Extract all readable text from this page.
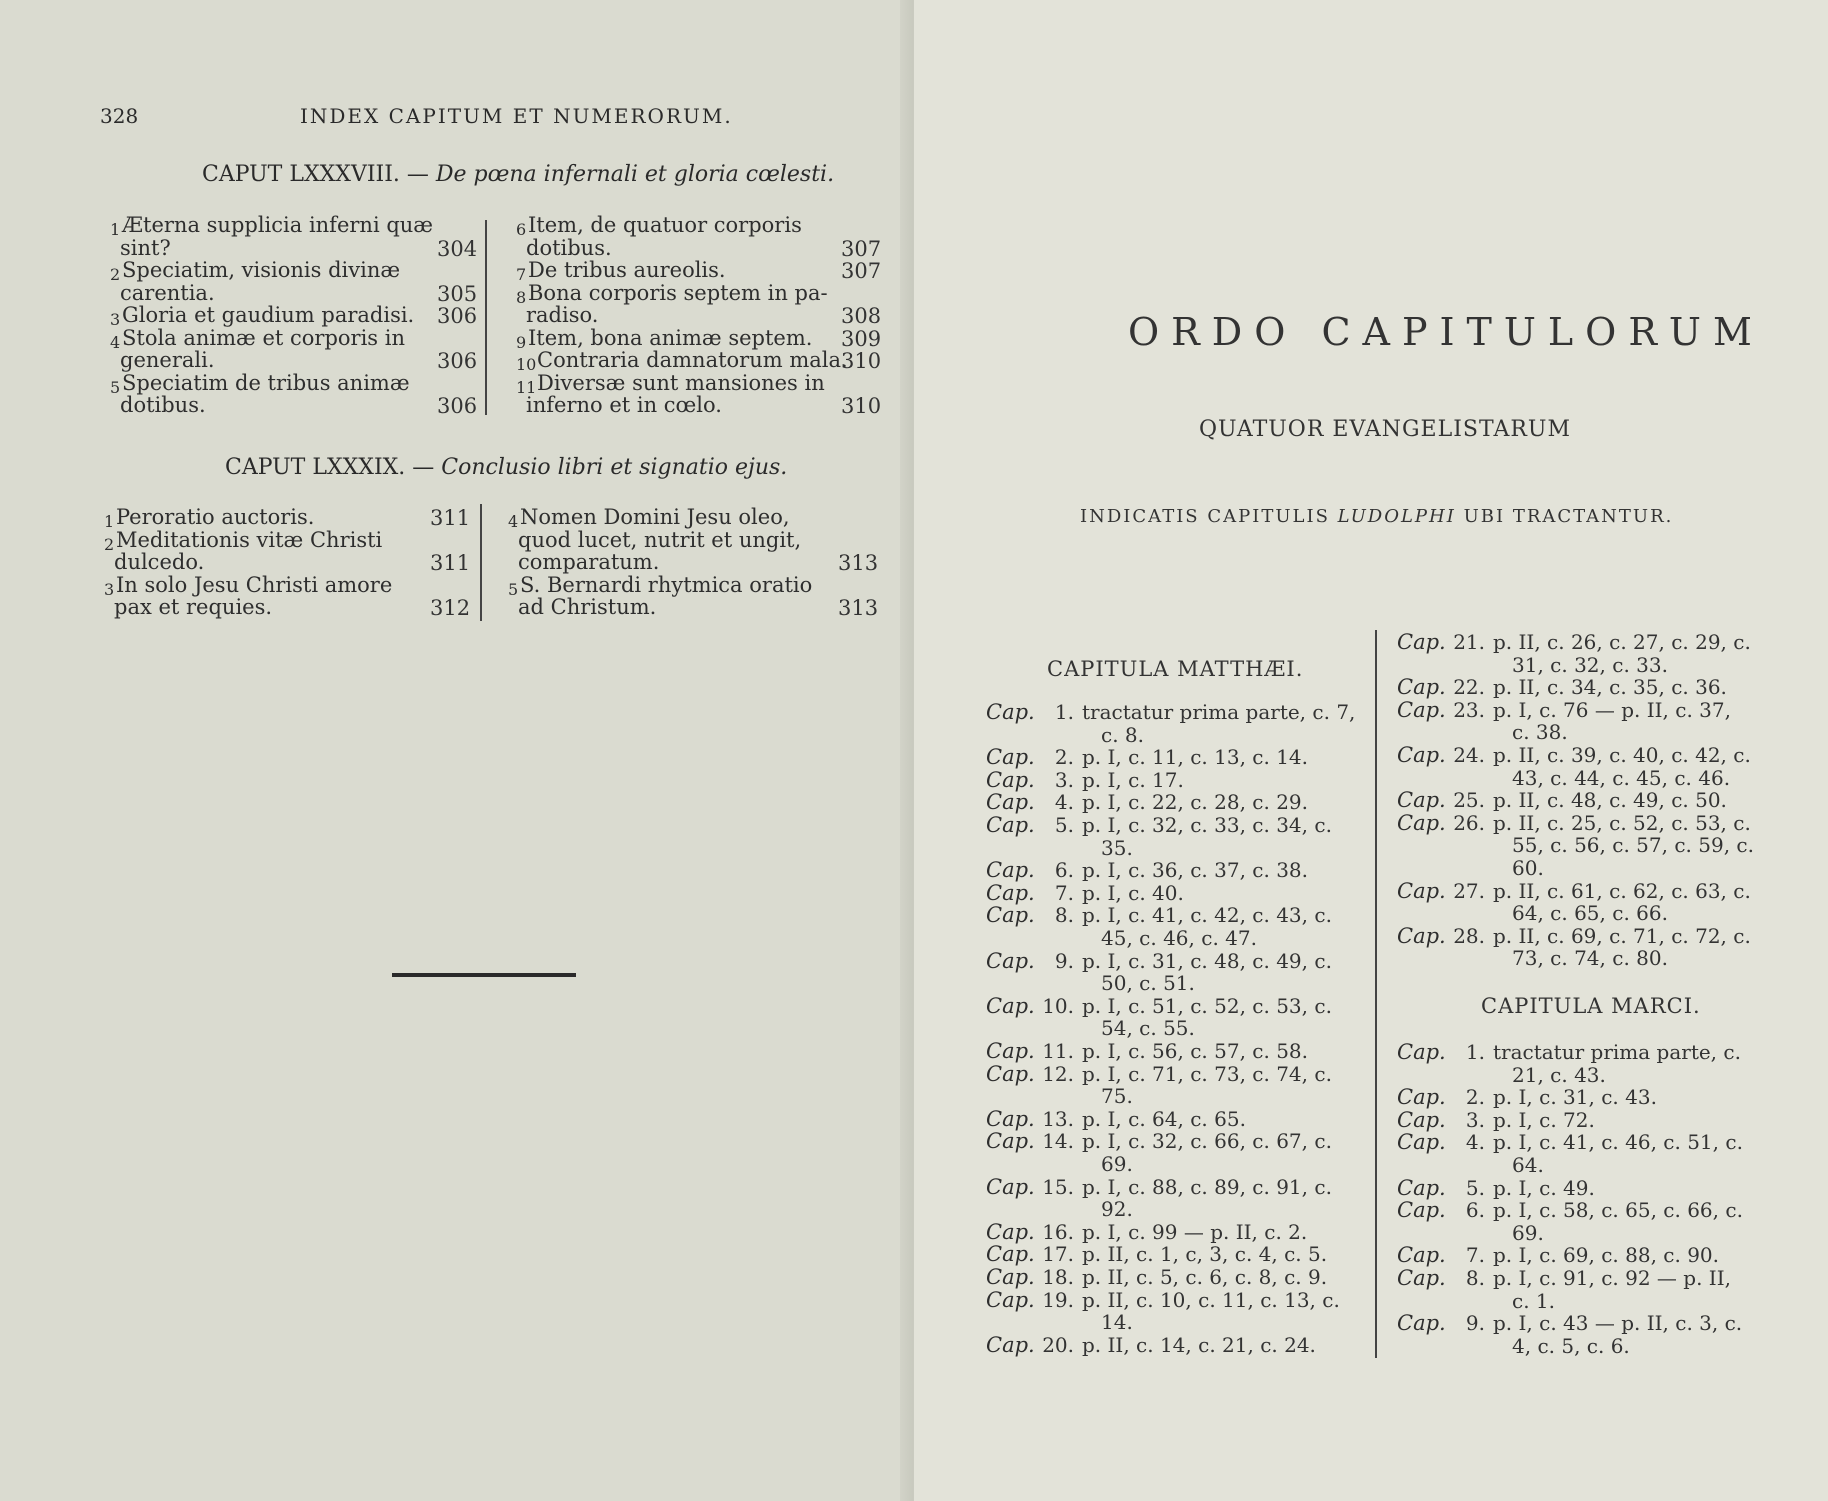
328	INDEX CAPITUM ET NUMERORUM.
CAPUT LXXXVIII. — De pœna infernali et gloria cœlesti.
1 Æterna supplicia inferni quæ
sint?	304
2 Speciatim, visionis divinæ
carentia.	305
3 Gloria et gaudium paradisi. 306
4 Stola animæ et corporis in
generali.	306
5 Speciatim de tribus animæ
dotibus.	306
6 Item, de quatuor corporis
dotibus.	307
7 De tribus aureolis.	307
8 Bona corporis septem in pa-
radiso.	308
9 Item, bona animæ septem. 309
10 Contraria damnatorum mala.
310
11 Diversæ sunt mansiones in
inferno et in cœlo.	310
CAPUT LXXXIX. — Conclusio libri et signatio ejus.
1 Peroratio auctoris.	311
2 Meditationis vitæ Christi
dulcedo.	311
3 In solo Jesu Christi amore
pax et requies.	312
4 Nomen Domini Jesu oleo,
quod lucet, nutrit et ungit,
comparatum.	313
5 S. Bernardi rhytmica oratio
ad Christum.	313
ORDO CAPITULORUM
QUATUOR EVANGELISTARUM
INDICATIS CAPITULIS LUDOLPHI UBI TRACTANTUR.
CAPITULA MATTHÆI.
Cap.	1. tractatur prima parte, c. 7,
c. 8.
Cap.	2. p. I, c. 11, c. 13, c. 14.
Cap.	3. p. I, c. 17.
Cap.	4. p. I, c. 22, c. 28, c. 29.
Cap.	5. p. I, c. 32, c. 33, c. 34, c.
35.
Cap.	6. p. I, c. 36, c. 37, c. 38.
Cap.	7. p. I, c. 40.
Cap.	8. p. I, c. 41, c. 42, c. 43, c.
45, c. 46, c. 47.
Cap.	9. p. I, c. 31, c. 48, c. 49, c.
50, c. 51.
Cap. 10. p. I, c. 51, c. 52, c. 53, c.
54, c. 55.
Cap. 11. p. I, c. 56, c. 57, c. 58.
Cap. 12. p. I, c. 71, c. 73, c. 74, c.
75.
Cap. 13. p. I, c. 64, c. 65.
Cap. 14. p. I, c. 32, c. 66, c. 67, c.
69.
Cap. 15. p. I, c. 88, c. 89, c. 91, c.
92.
Cap. 16. p. I, c. 99 — p. II, c. 2.
Cap. 17. p. II, c. 1, c, 3, c. 4, c. 5.
Cap. 18. p. II, c. 5, c. 6, c. 8, c. 9.
Cap. 19. p. II, c. 10, c. 11, c. 13, c.
14.
Cap. 20. p. II, c. 14, c. 21, c. 24.
Cap. 21. p. II, c. 26, c. 27, c. 29, c.
31, c. 32, c. 33.
Cap. 22. p. II, c. 34, c. 35, c. 36.
Cap. 23. p. I, c. 76 — p. II, c. 37,
c. 38.
Cap. 24. p. II, c. 39, c. 40, c. 42, c.
43, c. 44, c. 45, c. 46.
Cap. 25. p. II, c. 48, c. 49, c. 50.
Cap. 26. p. II, c. 25, c. 52, c. 53, c.
55, c. 56, c. 57, c. 59, c.
60.
Cap. 27. p. II, c. 61, c. 62, c. 63, c.
64, c. 65, c. 66.
Cap. 28. p. II, c. 69, c. 71, c. 72, c.
73, c. 74, c. 80.
CAPITULA MARCI.
Cap.	1. tractatur prima parte, c.
21, c. 43.
Cap.	2. p. I, c. 31, c. 43.
Cap.	3. p. I, c. 72.
Cap.	4. p. I, c. 41, c. 46, c. 51, c.
64.
Cap.	5. p. I, c. 49.
Cap.	6. p. I, c. 58, c. 65, c. 66, c.
69.
Cap.	7. p. I, c. 69, c. 88, c. 90.
Cap.	8. p. I, c. 91, c. 92 — p. II,
c. 1.
Cap.	9. p. I, c. 43 — p. II, c. 3, c.
4, c. 5, c. 6.
